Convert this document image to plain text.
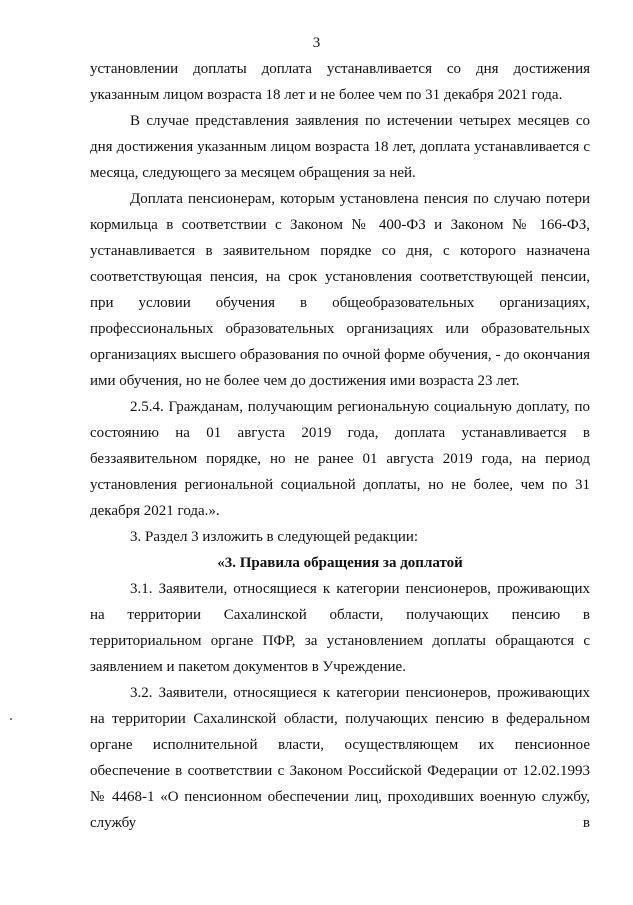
3

установлении доплаты доплата устанавливается со дня достижения указанным лицом возраста 18 лет и не более чем по 31 декабря 2021 года.

В случае представления заявления по истечении четырех месяцев со дня достижения указанным лицом возраста 18 лет, доплата устанавливается с месяца, следующего за месяцем обращения за ней.

Доплата пенсионерам, которым установлена пенсия по случаю потери кормильца в соответствии с Законом № 400-ФЗ и Законом № 166-ФЗ, устанавливается в заявительном порядке со дня, с которого назначена соответствующая пенсия, на срок установления соответствующей пенсии, при условии обучения в общеобразовательных организациях, профессиональных образовательных организациях или образовательных организациях высшего образования по очной форме обучения, - до окончания ими обучения, но не более чем до достижения ими возраста 23 лет.

2.5.4. Гражданам, получающим региональную социальную доплату, по состоянию на 01 августа 2019 года, доплата устанавливается в беззаявительном порядке, но не ранее 01 августа 2019 года, на период установления региональной социальной доплаты, но не более, чем по 31 декабря 2021 года.».

3. Раздел 3 изложить в следующей редакции:

«3. Правила обращения за доплатой

3.1. Заявители, относящиеся к категории пенсионеров, проживающих на территории Сахалинской области, получающих пенсию в территориальном органе ПФР, за установлением доплаты обращаются с заявлением и пакетом документов в Учреждение.

3.2. Заявители, относящиеся к категории пенсионеров, проживающих на территории Сахалинской области, получающих пенсию в федеральном органе исполнительной власти, осуществляющем их пенсионное обеспечение в соответствии с Законом Российской Федерации от 12.02.1993 № 4468-1 «О пенсионном обеспечении лиц, проходивших военную службу, службу в
